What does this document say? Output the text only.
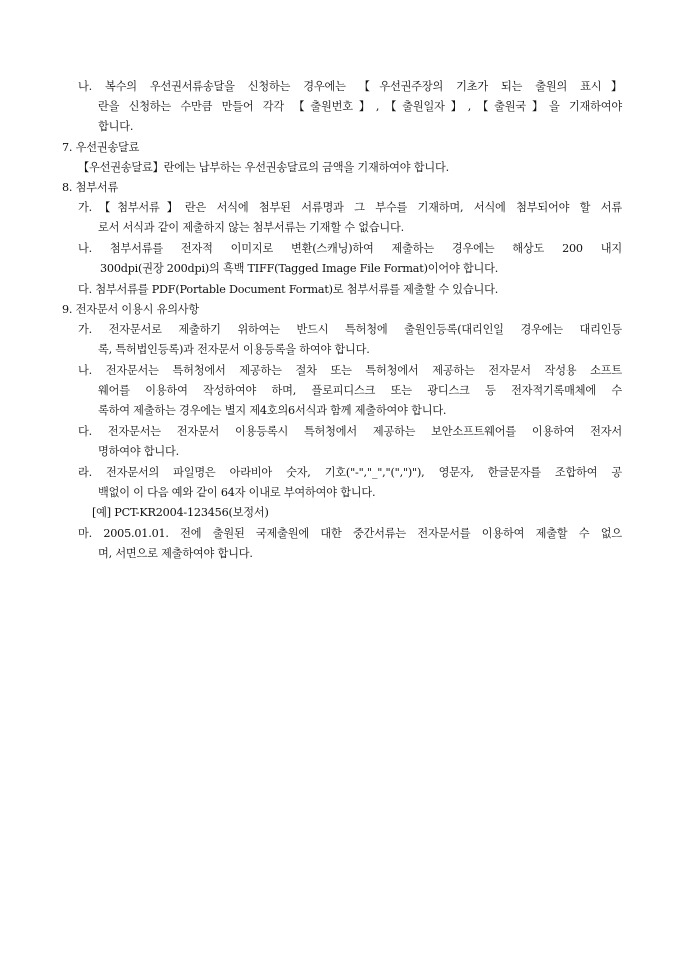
나. 복수의 우선권서류송달을 신청하는 경우에는 【우선권주장의 기초가 되는 출원의 표시】
란을 신청하는 수만큼 만들어 각각 【출원번호】,【출원일자】,【출원국】을 기재하여야
합니다.
7. 우선권송달료
【우선권송달료】란에는 납부하는 우선권송달료의 금액을 기재하여야 합니다.
8. 첨부서류
가.【첨부서류】란은 서식에 첨부된 서류명과 그 부수를 기재하며, 서식에 첨부되어야 할 서류
로서 서식과 같이 제출하지 않는 첨부서류는 기재할 수 없습니다.
나. 첨부서류를 전자적 이미지로 변환(스캐닝)하여 제출하는 경우에는 해상도 200 내지
300dpi(권장 200dpi)의 흑백 TIFF(Tagged Image File Format)이어야 합니다.
다. 첨부서류를 PDF(Portable Document Format)로 첨부서류를 제출할 수 있습니다.
9. 전자문서 이용시 유의사항
가. 전자문서로 제출하기 위하여는 반드시 특허청에 출원인등록(대리인일 경우에는 대리인등
록, 특허법인등록)과 전자문서 이용등록을 하여야 합니다.
나. 전자문서는 특허청에서 제공하는 절차 또는 특허청에서 제공하는 전자문서 작성용 소프트
웨어를 이용하여 작성하여야 하며, 플로피디스크 또는 광디스크 등 전자적기록매체에 수
록하여 제출하는 경우에는 별지 제4호의6서식과 함께 제출하여야 합니다.
다. 전자문서는 전자문서 이용등록시 특허청에서 제공하는 보안소프트웨어를 이용하여 전자서
명하여야 합니다.
라. 전자문서의 파일명은 아라비아 숫자, 기호("-","_","(",")"), 영문자, 한글문자를 조합하여 공
백없이 이 다음 예와 같이 64자 이내로 부여하여야 합니다.
[예] PCT-KR2004-123456(보정서)
마. 2005.01.01. 전에 출원된 국제출원에 대한 중간서류는 전자문서를 이용하여 제출할 수 없으
며, 서면으로 제출하여야 합니다.
